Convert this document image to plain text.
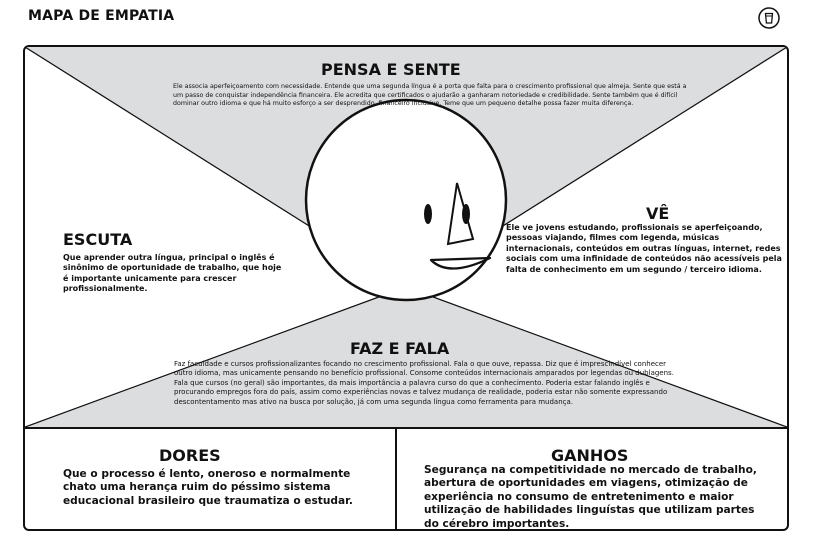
MAPA DE EMPATIA
PENSA E SENTE

Ele associa aperfeiçoamento com necessidade. Entende que uma segunda língua é a porta que falta para o crescimento profissional que almeja. Sente que está a um passo de conquistar independência financeira. Ele acredita que certificados o ajudarão a ganharam notoriedade e credibilidade. Sente também que é difícil dominar outro idioma e que há muito esforço a ser desprendido, financeiro inclusive. Teme que um pequeno detalhe possa fazer muita diferença.

ESCUTA

Que aprender outra língua, principal o inglês é sinônimo de oportunidade de trabalho, que hoje é importante unicamente para crescer profissionalmente.

VÊ

Ele ve jovens estudando, profissionais se aperfeiçoando, pessoas viajando, filmes com legenda, músicas internacionais, conteúdos em outras línguas, internet, redes sociais com uma infinidade de conteúdos não acessíveis pela falta de conhecimento em um segundo / terceiro idioma.

FAZ E FALA

Faz faculdade e cursos profissionalizantes focando no crescimento profissional. Fala o que ouve, repassa. Diz que é imprescindível conhecer outro idioma, mas unicamente pensando no benefício profissional. Consome conteúdos internacionais amparados por legendas ou dublagens. Fala que cursos (no geral) são importantes, da mais importância a palavra curso do que a conhecimento. Poderia estar falando inglês e procurando empregos fora do país, assim como experiências novas e talvez mudança de realidade, poderia estar não somente expressando descontentamento mas ativo na busca por solução, já com uma segunda língua como ferramenta para mudança.

DORES

Que o processo é lento, oneroso e normalmente chato uma herança ruim do péssimo sistema educacional brasileiro que traumatiza o estudar.

GANHOS

Segurança na competitividade no mercado de trabalho, abertura de oportunidades em viagens, otimização de experiência no consumo de entretenimento e maior utilização de habilidades linguístas que utilizam partes do cérebro importantes.
